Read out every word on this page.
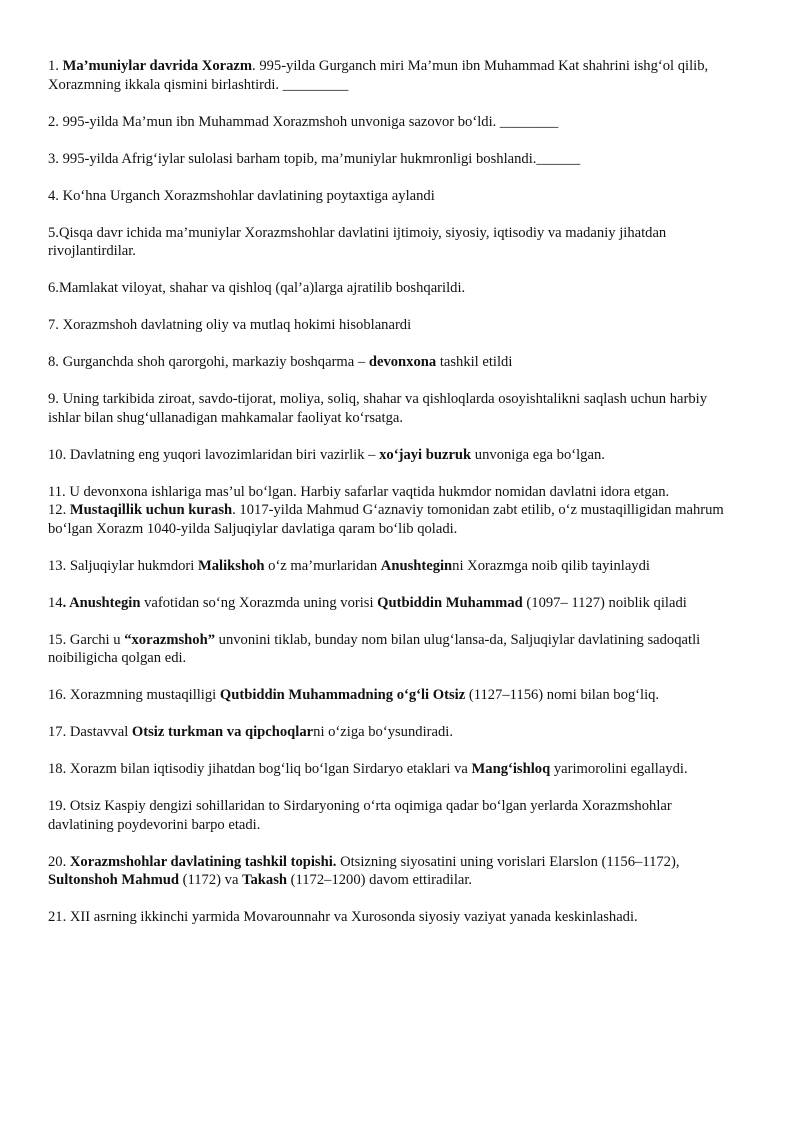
1. Ma’muniylar davrida Xorazm. 995-yilda Gurganch miri Ma’mun ibn Muhammad Kat shahrini ishg‘ol qilib, Xorazmning ikkala qismini birlashtirdi. _________

2. 995-yilda Ma’mun ibn Muhammad Xorazmshoh unvoniga sazovor bo‘ldi. ________

3. 995-yilda Afrig‘iylar sulolasi barham topib, ma’muniylar hukmronligi boshlandi.______

4. Ko‘hna Urganch Xorazmshohlar davlatining poytaxtiga aylandi

5.Qisqa davr ichida ma’muniylar Xorazmshohlar davlatini ijtimoiy, siyosiy, iqtisodiy va madaniy jihatdan rivojlantirdilar.

6.Mamlakat viloyat, shahar va qishloq (qal’a)larga ajratilib boshqarildi.

7. Xorazmshoh davlatning oliy va mutlaq hokimi hisoblanardi

8. Gurganchda shoh qarorgohi, markaziy boshqarma – devonxona tashkil etildi

9. Uning tarkibida ziroat, savdo-tijorat, moliya, soliq, shahar va qishloqlarda osoyishtalikni saqlash uchun harbiy ishlar bilan shug‘ullanadigan mahkamalar faoliyat ko‘rsatga.

10. Davlatning eng yuqori lavozimlaridan biri vazirlik – xo‘jayi buzruk unvoniga ega bo‘lgan.

11. U devonxona ishlariga mas’ul bo‘lgan. Harbiy safarlar vaqtida hukmdor nomidan davlatni idora etgan.

12. Mustaqillik uchun kurash. 1017-yilda Mahmud G‘aznaviy tomonidan zabt etilib, o‘z mustaqilligidan mahrum bo‘lgan Xorazm 1040-yilda Saljuqiylar davlatiga qaram bo‘lib qoladi.

13. Saljuqiylar hukmdori Malikshoh o‘z ma’murlaridan Anushteginni Xorazmga noib qilib tayinlaydi

14. Anushtegin vafotidan so‘ng Xorazmda uning vorisi Qutbiddin Muhammad (1097– 1127) noiblik qiladi

15. Garchi u “xorazmshoh” unvonini tiklab, bunday nom bilan ulug‘lansa-da, Saljuqiylar davlatining sadoqatli noibiligicha qolgan edi.

16. Xorazmning mustaqilligi Qutbiddin Muhammadning o‘g‘li Otsiz (1127–1156) nomi bilan bog‘liq.

17. Dastavval Otsiz turkman va qipchoqlarni o‘ziga bo‘ysundiradi.

18. Xorazm bilan iqtisodiy jihatdan bog‘liq bo‘lgan Sirdaryo etaklari va Mang‘ishloq yarimorolini egallaydi.

19. Otsiz Kaspiy dengizi sohillaridan to Sirdaryoning o‘rta oqimiga qadar bo‘lgan yerlarda Xorazmshohlar davlatining poydevorini barpo etadi.

20. Xorazmshohlar davlatining tashkil topishi. Otsizning siyosatini uning vorislari Elarslon (1156–1172), Sultonshoh Mahmud (1172) va Takash (1172–1200) davom ettiradilar.

21. XII asrning ikkinchi yarmida Movarounnahr va Xurosonda siyosiy vaziyat yanada keskinlashadi.
